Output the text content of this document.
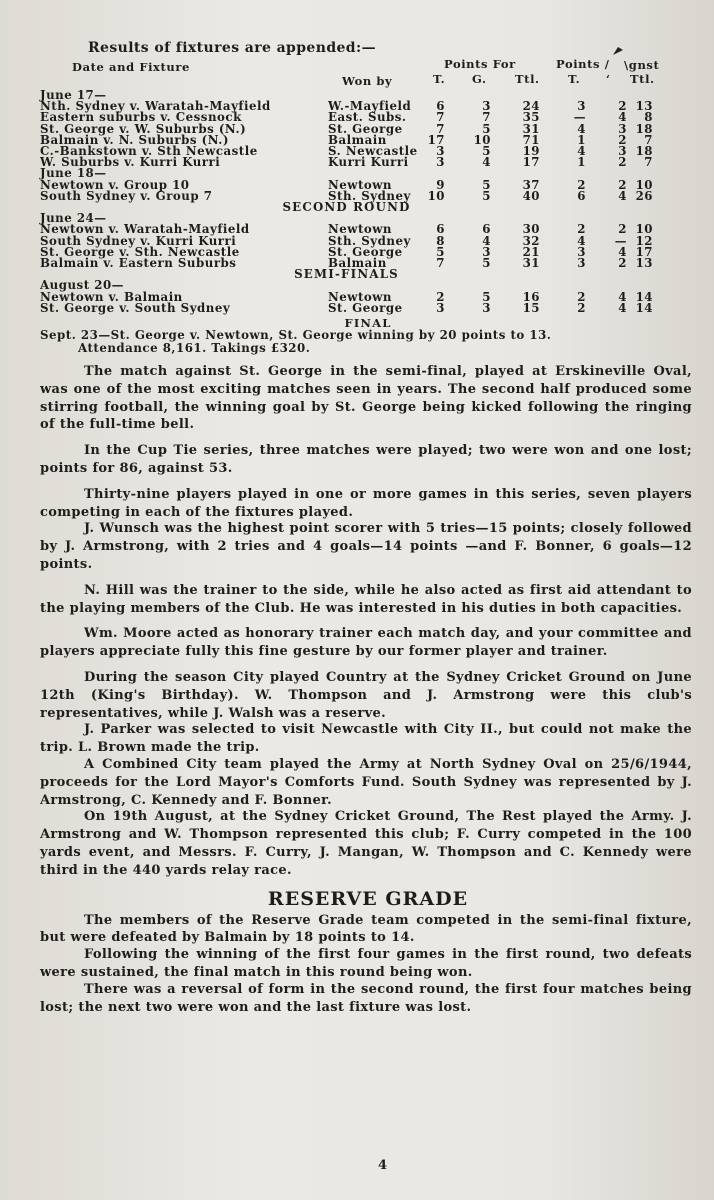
Results of fixtures are appended:—
Date and Fixture
Won by
Points For
T. G. Ttl.
Points /
T. ‘
\gnst
Ttl.
June 17—							
Nth. Sydney v. Waratah-Mayfield	W.-Mayfield	6	3	24	3	2	13
Eastern suburbs v. Cessnock	East. Subs.	7	7	35	—	4	8
St. George v. W. Suburbs (N.)	St. George	7	5	31	4	3	18
Balmain v. N. Suburbs (N.)	Balmain	17	10	71	1	2	7
C.-Bankstown v. Sth Newcastle	S. Newcastle	3	5	19	4	3	18
W. Suburbs v. Kurri Kurri	Kurri Kurri	3	4	17	1	2	7
June 18—							
Newtown v. Group 10	Newtown	9	5	37	2	2	10
South Sydney v. Group 7	Sth. Sydney	10	5	40	6	4	26
SECOND ROUND							
June 24—							
Newtown v. Waratah-Mayfield	Newtown	6	6	30	2	2	10
South Sydney v. Kurri Kurri	Sth. Sydney	8	4	32	4	—	12
St. George v. Sth. Newcastle	St. George	5	3	21	3	4	17
Balmain v. Eastern Suburbs	Balmain	7	5	31	3	2	13
SEMI-FINALS							
August 20—							
Newtown v. Balmain	Newtown	2	5	16	2	4	14
St. George v. South Sydney	St. George	3	3	15	2	4	14
FINAL
Sept. 23—St. George v. Newtown, St. George winning by 20 points to 13.
Attendance 8,161. Takings £320.

The match against St. George in the semi-final, played at Erskineville Oval, was one of the most exciting matches seen in years. The second half produced some stirring football, the winning goal by St. George being kicked following the ringing of the full-time bell.

In the Cup Tie series, three matches were played; two were won and one lost; points for 86, against 53.

Thirty-nine players played in one or more games in this series, seven players competing in each of the fixtures played.

J. Wunsch was the highest point scorer with 5 tries—15 points; closely followed by J. Armstrong, with 2 tries and 4 goals—14 points —and F. Bonner, 6 goals—12 points.

N. Hill was the trainer to the side, while he also acted as first aid attendant to the playing members of the Club. He was interested in his duties in both capacities.

Wm. Moore acted as honorary trainer each match day, and your committee and players appreciate fully this fine gesture by our former player and trainer.

During the season City played Country at the Sydney Cricket Ground on June 12th (King's Birthday). W. Thompson and J. Armstrong were this club's representatives, while J. Walsh was a reserve.

J. Parker was selected to visit Newcastle with City II., but could not make the trip. L. Brown made the trip.

A Combined City team played the Army at North Sydney Oval on 25/6/1944, proceeds for the Lord Mayor's Comforts Fund. South Sydney was represented by J. Armstrong, C. Kennedy and F. Bonner.

On 19th August, at the Sydney Cricket Ground, The Rest played the Army. J. Armstrong and W. Thompson represented this club; F. Curry competed in the 100 yards event, and Messrs. F. Curry, J. Mangan, W. Thompson and C. Kennedy were third in the 440 yards relay race.

RESERVE GRADE

The members of the Reserve Grade team competed in the semi-final fixture, but were defeated by Balmain by 18 points to 14.

Following the winning of the first four games in the first round, two defeats were sustained, the final match in this round being won.

There was a reversal of form in the second round, the first four matches being lost; the next two were won and the last fixture was lost.

4
